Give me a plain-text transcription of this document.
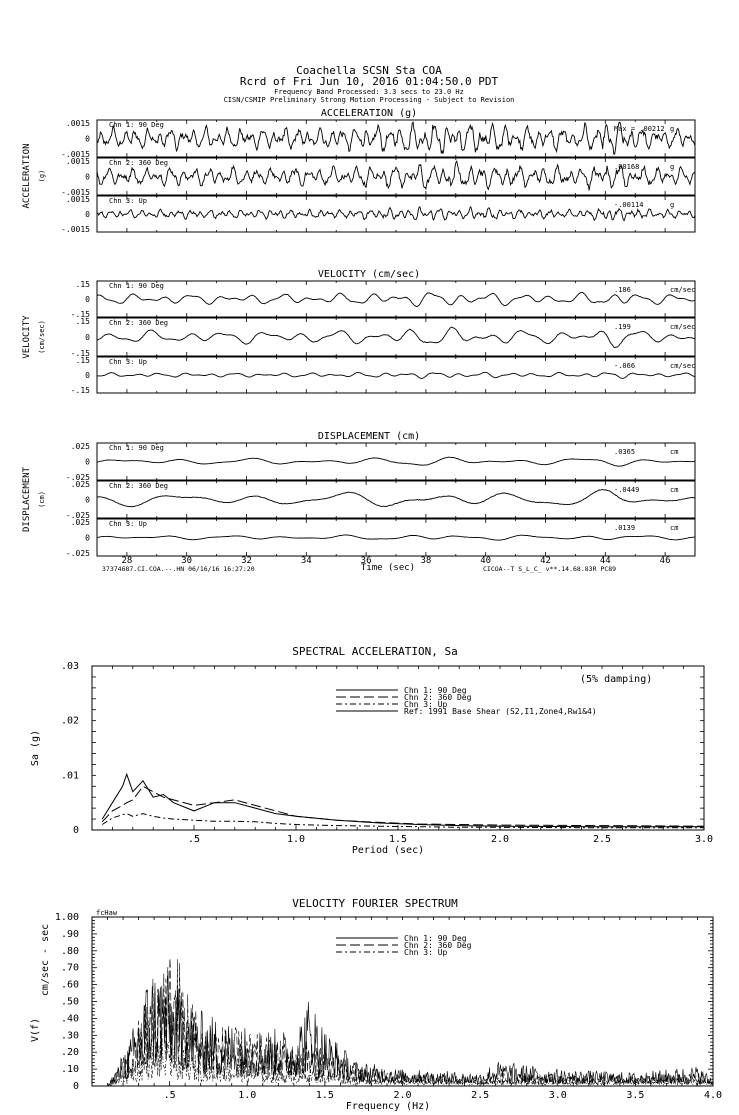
Coachella SCSN Sta COA
Rcrd of Fri Jun 10, 2016 01:04:50.0 PDT
Frequency Band Processed: 3.3 secs to 23.0 Hz
CISN/CSMIP Preliminary Strong Motion Processing - Subject to Revision
ACCELERATION (g)
ACCELERATION (g)
.0015
0
-.0015
Chn 1: 90 Deg	Max = .00212 g
.0015
0
-.0015
Chn 2: 360 Deg	.00168	g
.0015
0
-.0015
Chn 3: Up	-.00114	g
VELOCITY (cm/sec)
VELOCITY (cm/sec)
.15
0
-.15
Chn 1: 90 Deg	.186	cm/sec
.15
0
-.15
Chn 2: 360 Deg	.199	cm/sec
.15
0
-.15
Chn 3: Up	-.066	cm/sec
DISPLACEMENT (cm)
DISPLACEMENT (cm)
.025
0
-.025
Chn 1: 90 Deg	.0365	cm
.025
0
-.025
Chn 2: 360 Deg	-.0449	cm
.025
0
-.025
Chn 3: Up	.0139	cm
28	30	32	34	36	38	40	42	44	46
Time (sec)
37374687.CI.COA.--.HN 06/16/16 16:27:20	CICOA--T S_L_C_ v**.14.68.83R PC89
SPECTRAL ACCELERATION, Sa
.03
.02
.01
0
.5	1.0	1.5	2.0	2.5	3.0
Period (sec)
Sa (g)
(5% damping)
Chn 1: 90 Deg
Chn 2: 360 Deg
Chn 3: Up
Ref: 1991 Base Shear (S2,I1,Zone4,Rw1&4)
VELOCITY FOURIER SPECTRUM
fcHaw
1.00
.90
.80
.70
.60
.50
.40
.30
.20
.10
0
.5	1.0	1.5	2.0	2.5	3.0	3.5	4.0
Frequency (Hz)
cm/sec - sec
V(f)
Chn 1: 90 Deg
Chn 2: 360 Deg
Chn 3: Up
